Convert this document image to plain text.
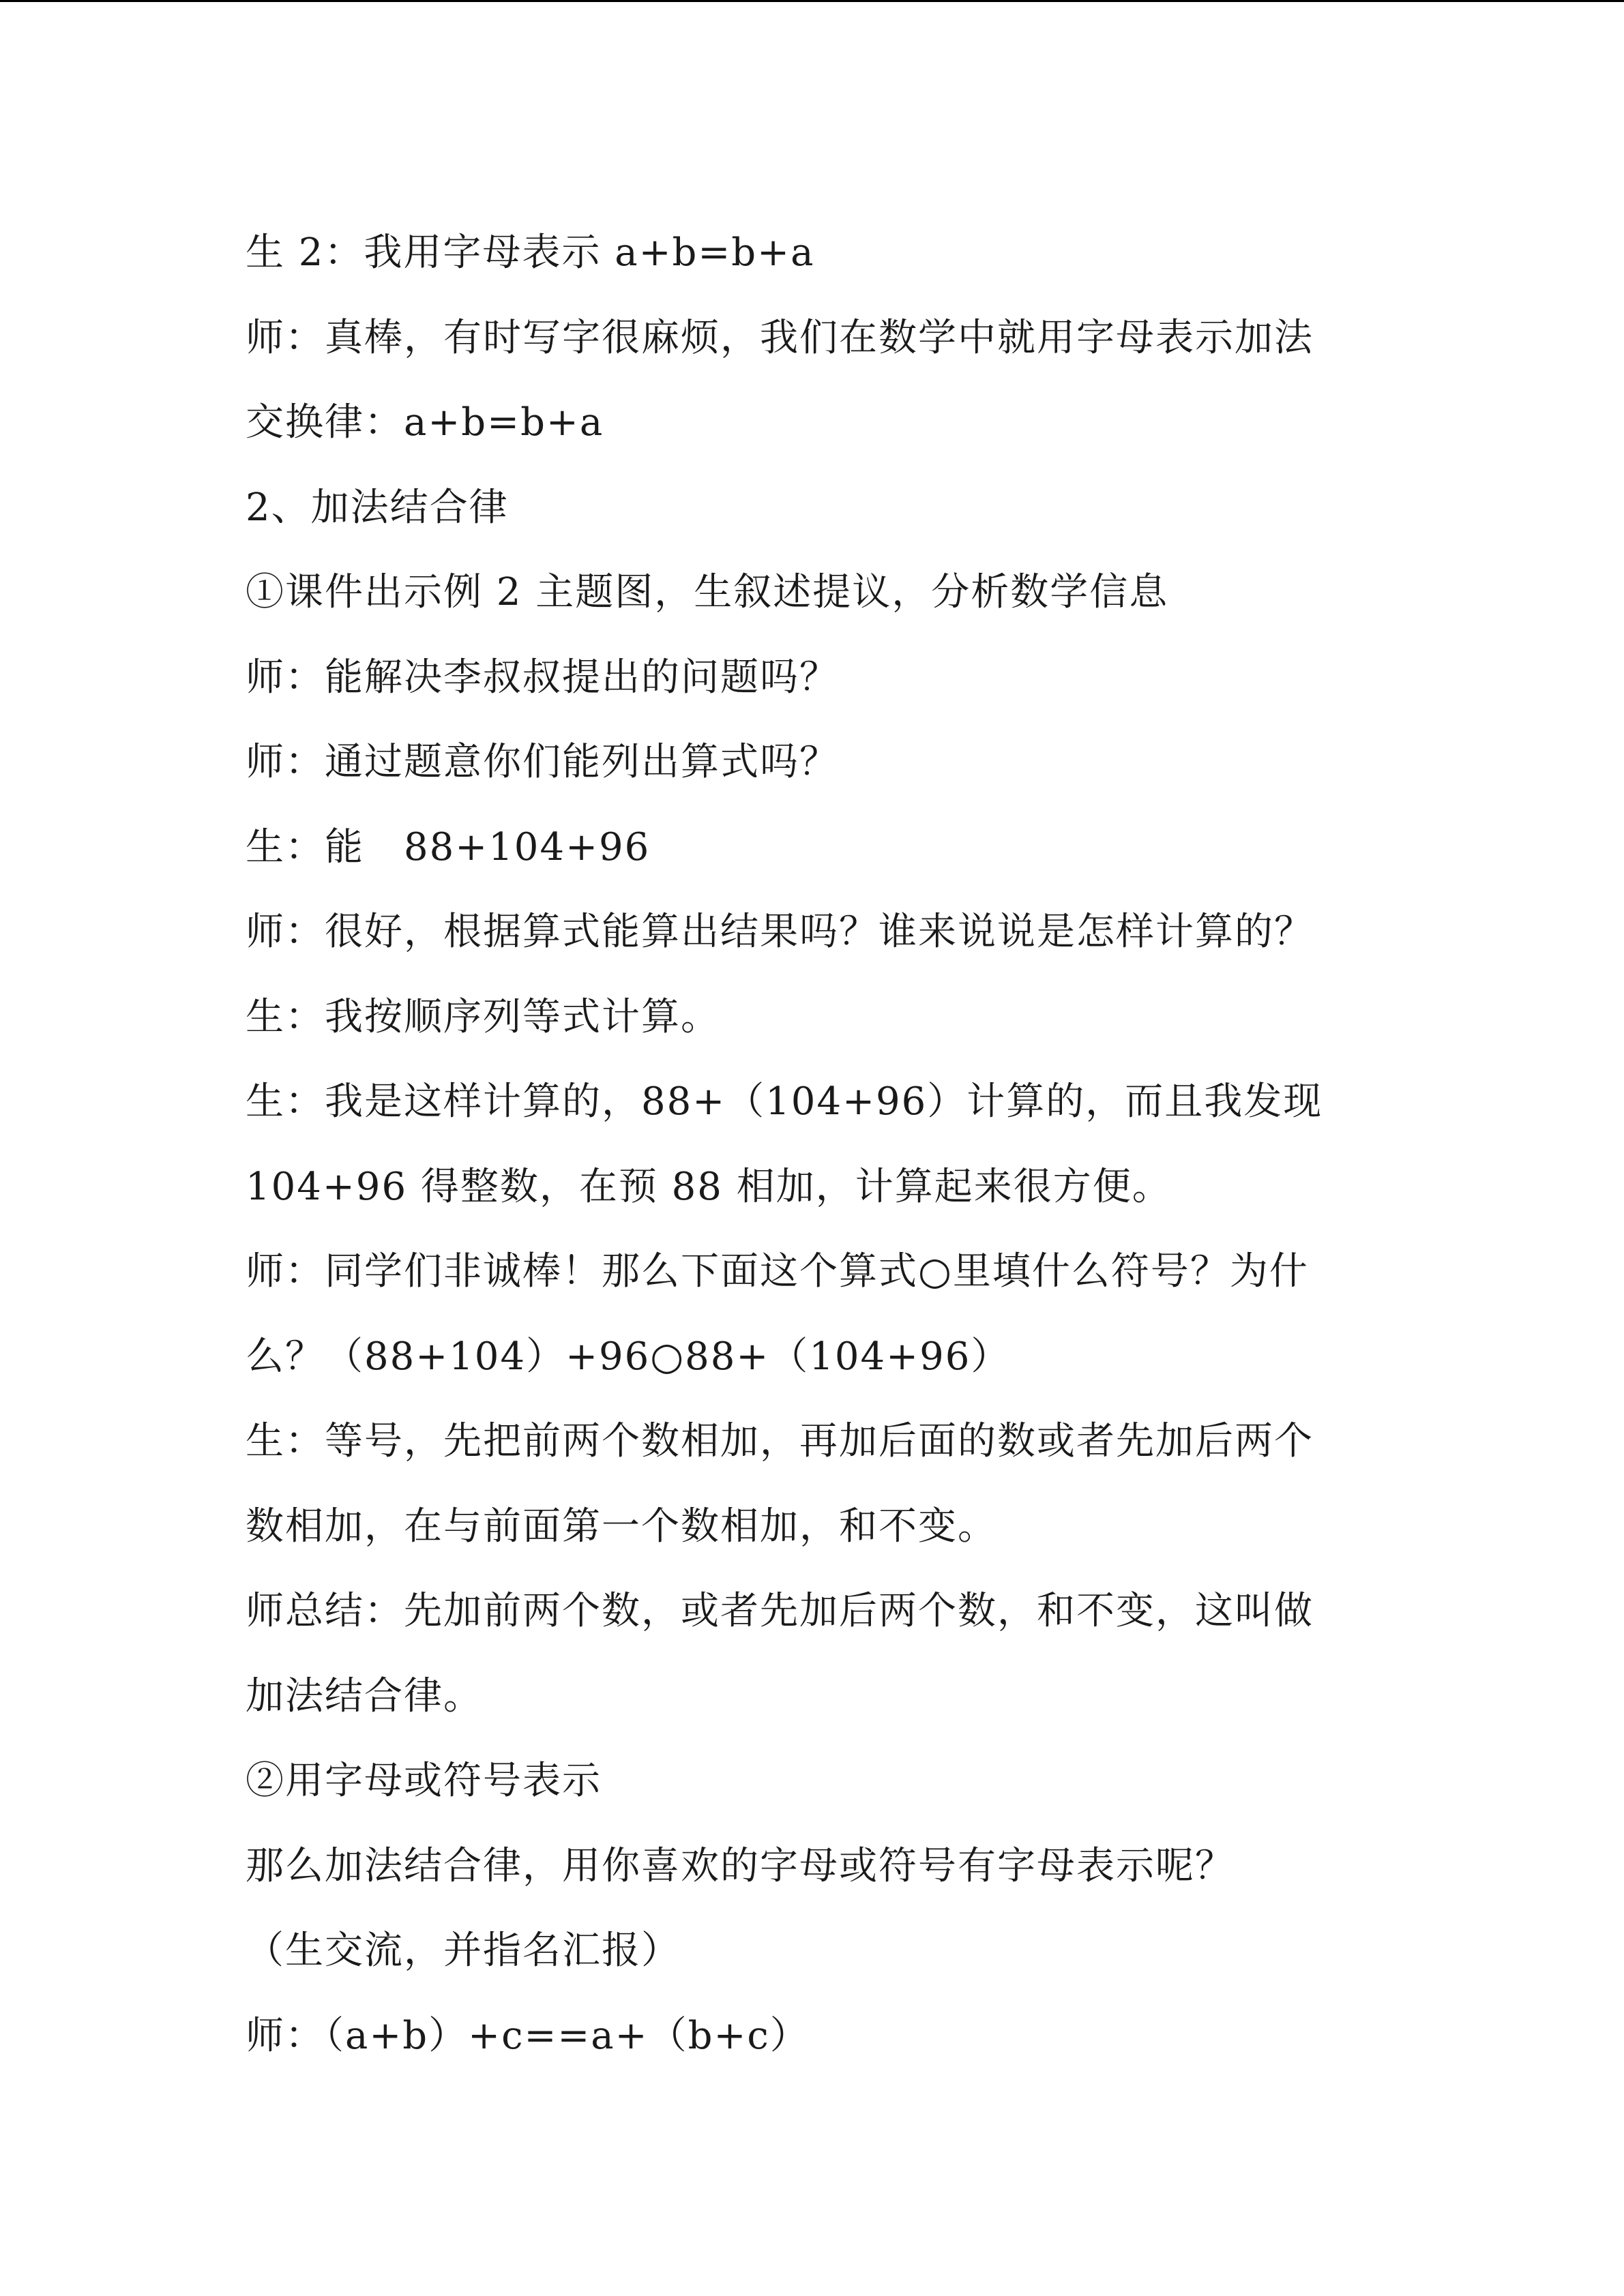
生 2：我用字母表示 a+b=b+a
师：真棒，有时写字很麻烦，我们在数学中就用字母表示加法
交换律：a+b=b+a
2、加法结合律
①课件出示例 2 主题图，生叙述提议，分析数学信息
师：能解决李叔叔提出的问题吗？
师：通过题意你们能列出算式吗？
生：能　88+104+96
师：很好，根据算式能算出结果吗？谁来说说是怎样计算的？
生：我按顺序列等式计算。
生：我是这样计算的，88+（104+96）计算的，而且我发现
104+96 得整数，在预 88 相加，计算起来很方便。
师：同学们非诚棒！那么下面这个算式○里填什么符号？为什
么？（88+104）+96○88+（104+96）
生：等号，先把前两个数相加，再加后面的数或者先加后两个
数相加，在与前面第一个数相加，和不变。
师总结：先加前两个数，或者先加后两个数，和不变，这叫做
加法结合律。
②用字母或符号表示
那么加法结合律，用你喜欢的字母或符号有字母表示呢？
（生交流，并指名汇报）
师：（a+b）+c==a+（b+c）
